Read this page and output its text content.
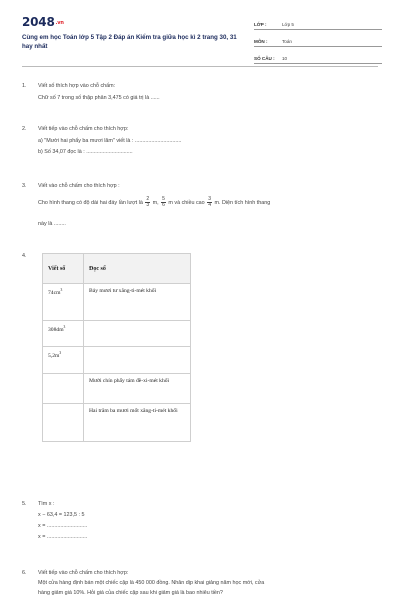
2048.vn
Cùng em học Toán lớp 5 Tập 2 Đáp án Kiểm tra giữa học kì 2 trang 30, 31 hay nhất
LỚP :	Lớp 5
MÔN :	Toán
SỐ CÂU : 10
1. Viết số thích hợp vào chỗ chấm:
Chữ số 7 trong số thập phân 3,475 có giá trị là ......
2. Viết tiếp vào chỗ chấm cho thích hợp:
a) "Mười hai phẩy ba mươi lăm" viết là : ...............................
b) Số 34,07 đọc là : ...............................
3. Viết vào chỗ chấm cho thích hợp :
Cho hình thang có độ dài hai đáy lần lượt là $\frac{2}{3} m$, $\frac{5}{6}$ m và chiều cao $\frac{3}{4} m$. Diện tích hình thang
này là ........
4.
Viết số	Đọc số
$74cm^3$	Bảy mươi tư xăng-ti-mét khối
$308dm^3$	
$5,2m^3$	
	Mười chín phẩy tám đề-xi-mét khối
	Hai trăm ba mươi mốt xăng-ti-mét khối
5. Tìm x :
x − 63,4 = 123,5 : 5
x = ...........................
x = ...........................
6. Viết tiếp vào chỗ chấm cho thích hợp:
Một cửa hàng định bán một chiếc cặp là 450 000 đồng. Nhân dịp khai giảng năm học mới, cửa
hàng giảm giá 10%. Hỏi giá của chiếc cặp sau khi giảm giá là bao nhiêu tiền?
